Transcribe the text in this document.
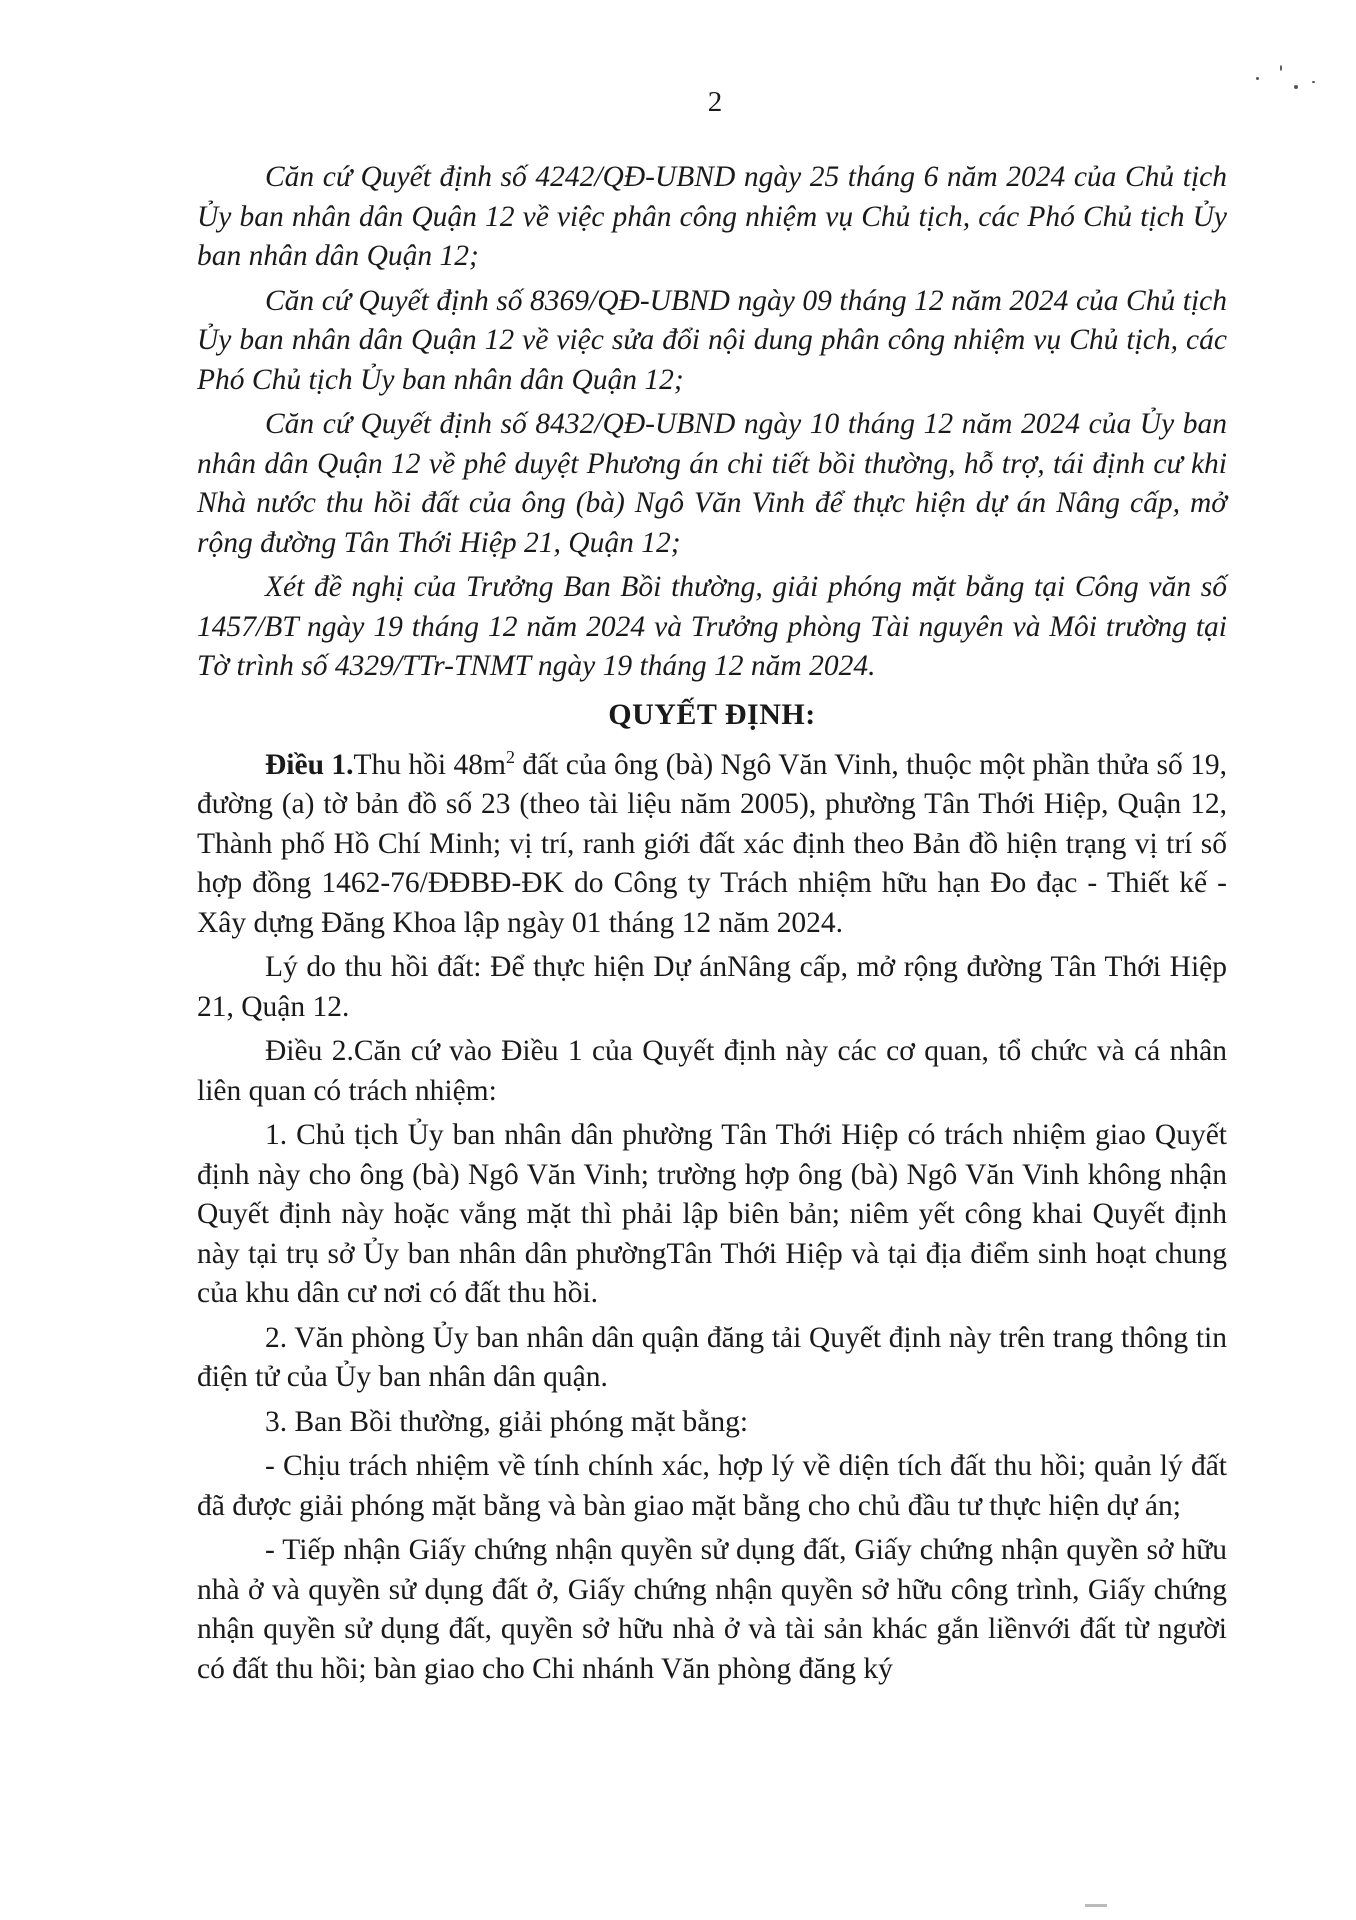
2

Căn cứ Quyết định số 4242/QĐ-UBND ngày 25 tháng 6 năm 2024 của Chủ tịch Ủy ban nhân dân Quận 12 về việc phân công nhiệm vụ Chủ tịch, các Phó Chủ tịch Ủy ban nhân dân Quận 12;

Căn cứ Quyết định số 8369/QĐ-UBND ngày 09 tháng 12 năm 2024 của Chủ tịch Ủy ban nhân dân Quận 12 về việc sửa đổi nội dung phân công nhiệm vụ Chủ tịch, các Phó Chủ tịch Ủy ban nhân dân Quận 12;

Căn cứ Quyết định số 8432/QĐ-UBND ngày 10 tháng 12 năm 2024 của Ủy ban nhân dân Quận 12 về phê duyệt Phương án chi tiết bồi thường, hỗ trợ, tái định cư khi Nhà nước thu hồi đất của ông (bà) Ngô Văn Vinh để thực hiện dự án Nâng cấp, mở rộng đường Tân Thới Hiệp 21, Quận 12;

Xét đề nghị của Trưởng Ban Bồi thường, giải phóng mặt bằng tại Công văn số 1457/BT ngày 19 tháng 12 năm 2024 và Trưởng phòng Tài nguyên và Môi trường tại Tờ trình số 4329/TTr-TNMT ngày 19 tháng 12 năm 2024.

QUYẾT ĐỊNH:

Điều 1.Thu hồi $48m^2$ đất của ông (bà) Ngô Văn Vinh, thuộc một phần thửa số 19, đường (a) tờ bản đồ số 23 (theo tài liệu năm 2005), phường Tân Thới Hiệp, Quận 12, Thành phố Hồ Chí Minh; vị trí, ranh giới đất xác định theo Bản đồ hiện trạng vị trí số hợp đồng 1462-76/ĐĐBĐ-ĐK do Công ty Trách nhiệm hữu hạn Đo đạc - Thiết kế - Xây dựng Đăng Khoa lập ngày 01 tháng 12 năm 2024.

Lý do thu hồi đất: Để thực hiện Dự ánNâng cấp, mở rộng đường Tân Thới Hiệp 21, Quận 12.

Điều 2.Căn cứ vào Điều 1 của Quyết định này các cơ quan, tổ chức và cá nhân liên quan có trách nhiệm:

1. Chủ tịch Ủy ban nhân dân phường Tân Thới Hiệp có trách nhiệm giao Quyết định này cho ông (bà) Ngô Văn Vinh; trường hợp ông (bà) Ngô Văn Vinh không nhận Quyết định này hoặc vắng mặt thì phải lập biên bản; niêm yết công khai Quyết định này tại trụ sở Ủy ban nhân dân phườngTân Thới Hiệp và tại địa điểm sinh hoạt chung của khu dân cư nơi có đất thu hồi.

2. Văn phòng Ủy ban nhân dân quận đăng tải Quyết định này trên trang thông tin điện tử của Ủy ban nhân dân quận.

3. Ban Bồi thường, giải phóng mặt bằng:

- Chịu trách nhiệm về tính chính xác, hợp lý về diện tích đất thu hồi; quản lý đất đã được giải phóng mặt bằng và bàn giao mặt bằng cho chủ đầu tư thực hiện dự án;

- Tiếp nhận Giấy chứng nhận quyền sử dụng đất, Giấy chứng nhận quyền sở hữu nhà ở và quyền sử dụng đất ở, Giấy chứng nhận quyền sở hữu công trình, Giấy chứng nhận quyền sử dụng đất, quyền sở hữu nhà ở và tài sản khác gắn liềnvới đất từ người có đất thu hồi; bàn giao cho Chi nhánh Văn phòng đăng ký
